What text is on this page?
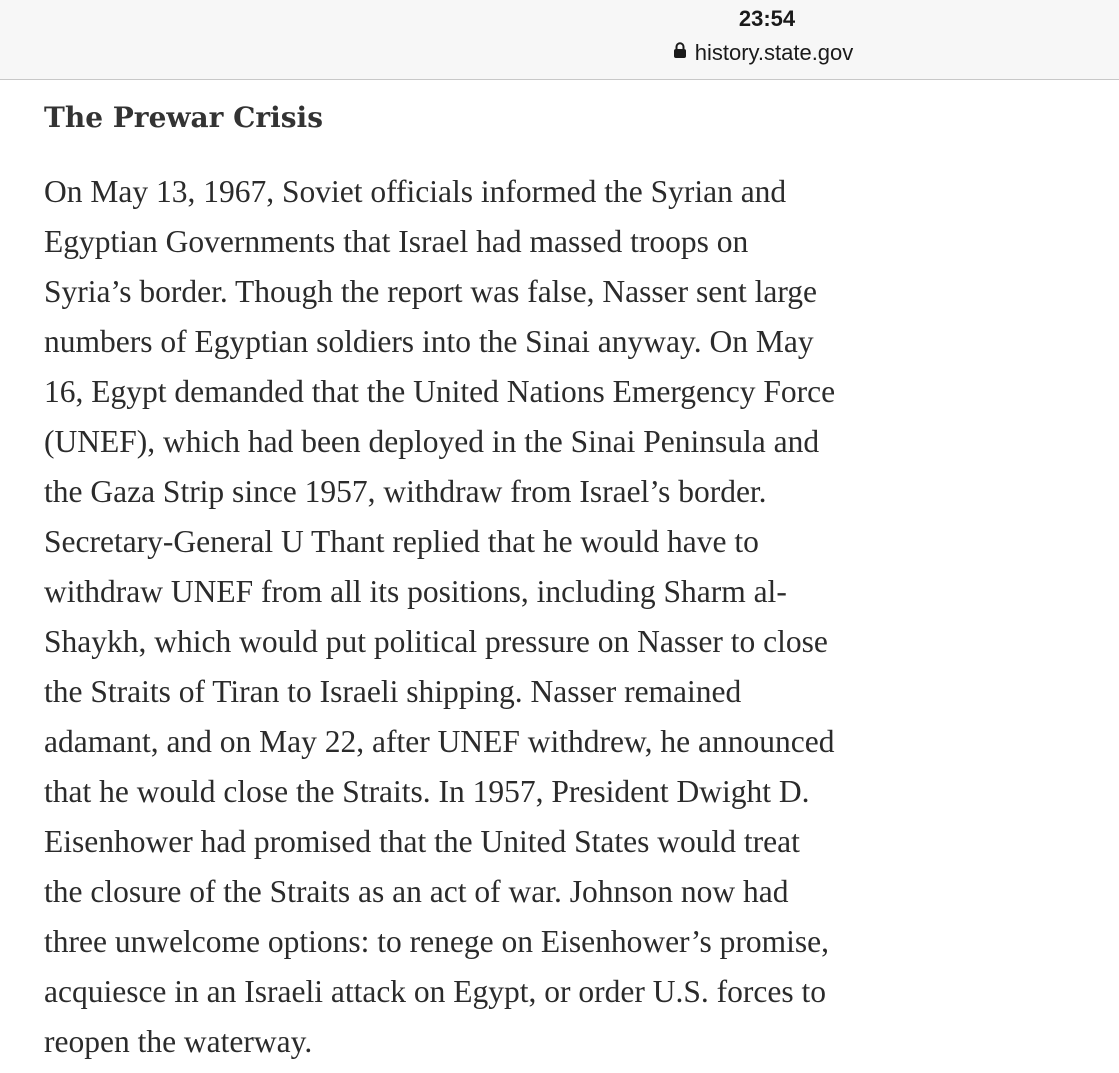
23:54
history.state.gov
The Prewar Crisis

On May 13, 1967, Soviet officials informed the Syrian and
Egyptian Governments that Israel had massed troops on
Syria’s border. Though the report was false, Nasser sent large
numbers of Egyptian soldiers into the Sinai anyway. On May
16, Egypt demanded that the United Nations Emergency Force
(UNEF), which had been deployed in the Sinai Peninsula and
the Gaza Strip since 1957, withdraw from Israel’s border.
Secretary-General U Thant replied that he would have to
withdraw UNEF from all its positions, including Sharm al-
Shaykh, which would put political pressure on Nasser to close
the Straits of Tiran to Israeli shipping. Nasser remained
adamant, and on May 22, after UNEF withdrew, he announced
that he would close the Straits. In 1957, President Dwight D.
Eisenhower had promised that the United States would treat
the closure of the Straits as an act of war. Johnson now had
three unwelcome options: to renege on Eisenhower’s promise,
acquiesce in an Israeli attack on Egypt, or order U.S. forces to
reopen the waterway.
